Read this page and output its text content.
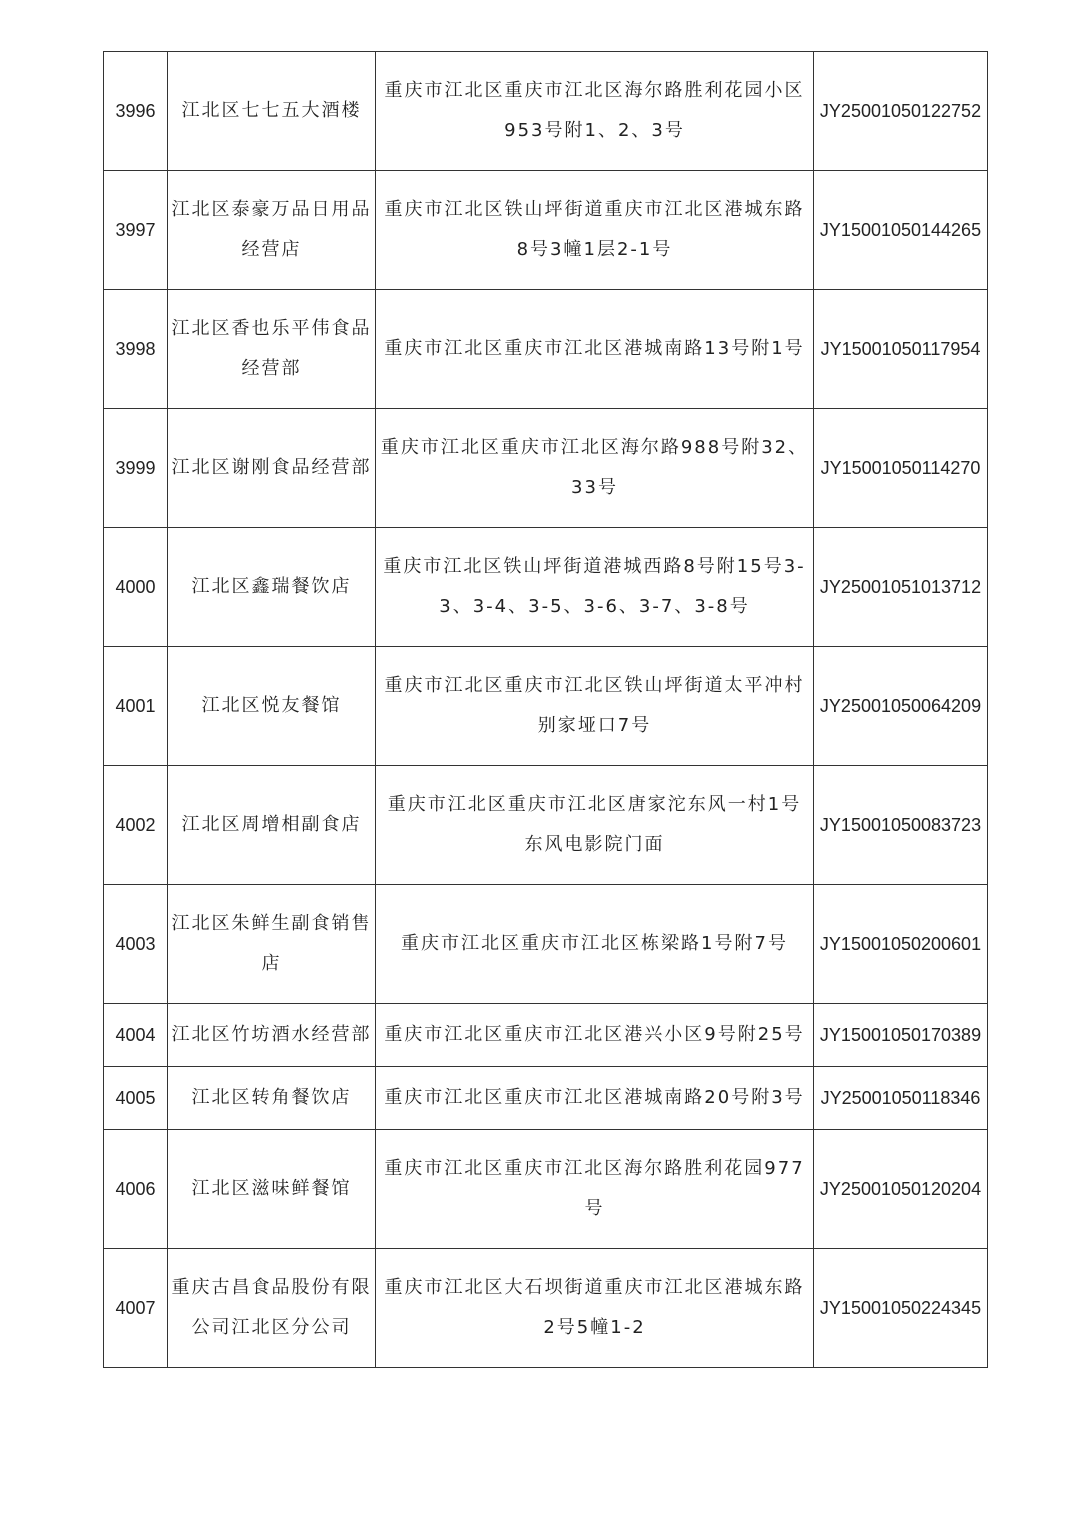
3996	江北区七七五大酒楼	重庆市江北区重庆市江北区海尔路胜利花园小区953号附1、2、3号	JY25001050122752
3997	江北区泰豪万品日用品经营店	重庆市江北区铁山坪街道重庆市江北区港城东路8号3幢1层2-1号	JY15001050144265
3998	江北区香也乐平伟食品经营部	重庆市江北区重庆市江北区港城南路13号附1号	JY15001050117954
3999	江北区谢刚食品经营部	重庆市江北区重庆市江北区海尔路988号附32、33号	JY15001050114270
4000	江北区鑫瑞餐饮店	重庆市江北区铁山坪街道港城西路8号附15号3-3、3-4、3-5、3-6、3-7、3-8号	JY25001051013712
4001	江北区悦友餐馆	重庆市江北区重庆市江北区铁山坪街道太平冲村别家垭口7号	JY25001050064209
4002	江北区周增相副食店	重庆市江北区重庆市江北区唐家沱东风一村1号东风电影院门面	JY15001050083723
4003	江北区朱鲜生副食销售店	重庆市江北区重庆市江北区栋梁路1号附7号	JY15001050200601
4004	江北区竹坊酒水经营部	重庆市江北区重庆市江北区港兴小区9号附25号	JY15001050170389
4005	江北区转角餐饮店	重庆市江北区重庆市江北区港城南路20号附3号	JY25001050118346
4006	江北区滋味鲜餐馆	重庆市江北区重庆市江北区海尔路胜利花园977号	JY25001050120204
4007	重庆古昌食品股份有限公司江北区分公司	重庆市江北区大石坝街道重庆市江北区港城东路2号5幢1-2	JY15001050224345
